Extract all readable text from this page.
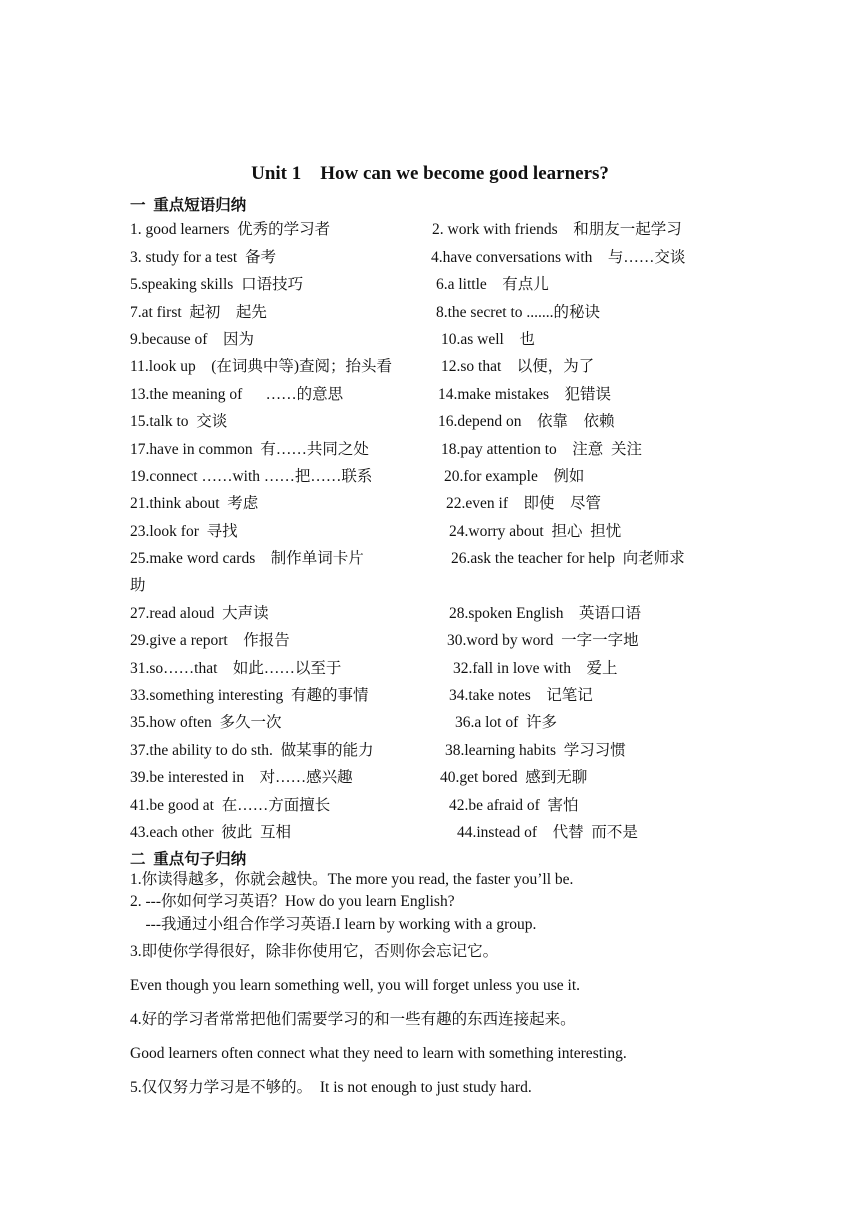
Unit 1    How can we become good learners?
一  重点短语归纳
1. good learners  优秀的学习者	2. work with friends    和朋友一起学习
3. study for a test  备考	4.have conversations with    与……交谈
5.speaking skills  口语技巧	6.a little    有点儿
7.at first  起初    起先	8.the secret to .......的秘诀
9.because of    因为	10.as well    也
11.look up    (在词典中等)查阅；抬头看	12.so that    以便，为了
13.the meaning of      ……的意思	14.make mistakes    犯错误
15.talk to  交谈	16.depend on    依靠    依赖
17.have in common  有……共同之处	18.pay attention to    注意  关注
19.connect ……with ……把……联系	20.for example    例如
21.think about  考虑	22.even if    即使    尽管
23.look for  寻找	24.worry about  担心  担忧
25.make word cards    制作单词卡片	26.ask the teacher for help  向老师求
助
27.read aloud  大声读	28.spoken English    英语口语
29.give a report    作报告	30.word by word  一字一字地
31.so……that    如此……以至于	32.fall in love with    爱上
33.something interesting  有趣的事情	34.take notes    记笔记
35.how often  多久一次	36.a lot of  许多
37.the ability to do sth.  做某事的能力	38.learning habits  学习习惯
39.be interested in    对……感兴趣	40.get bored  感到无聊
41.be good at  在……方面擅长	42.be afraid of  害怕
43.each other  彼此  互相	44.instead of    代替  而不是
二  重点句子归纳
1.你读得越多，你就会越快。The more you read, the faster you’ll be.
2. ---你如何学习英语？How do you learn English?
---我通过小组合作学习英语.I learn by working with a group.
3.即使你学得很好，除非你使用它，否则你会忘记它。
Even though you learn something well, you will forget unless you use it.
4.好的学习者常常把他们需要学习的和一些有趣的东西连接起来。
Good learners often connect what they need to learn with something interesting.
5.仅仅努力学习是不够的。  It is not enough to just study hard.
